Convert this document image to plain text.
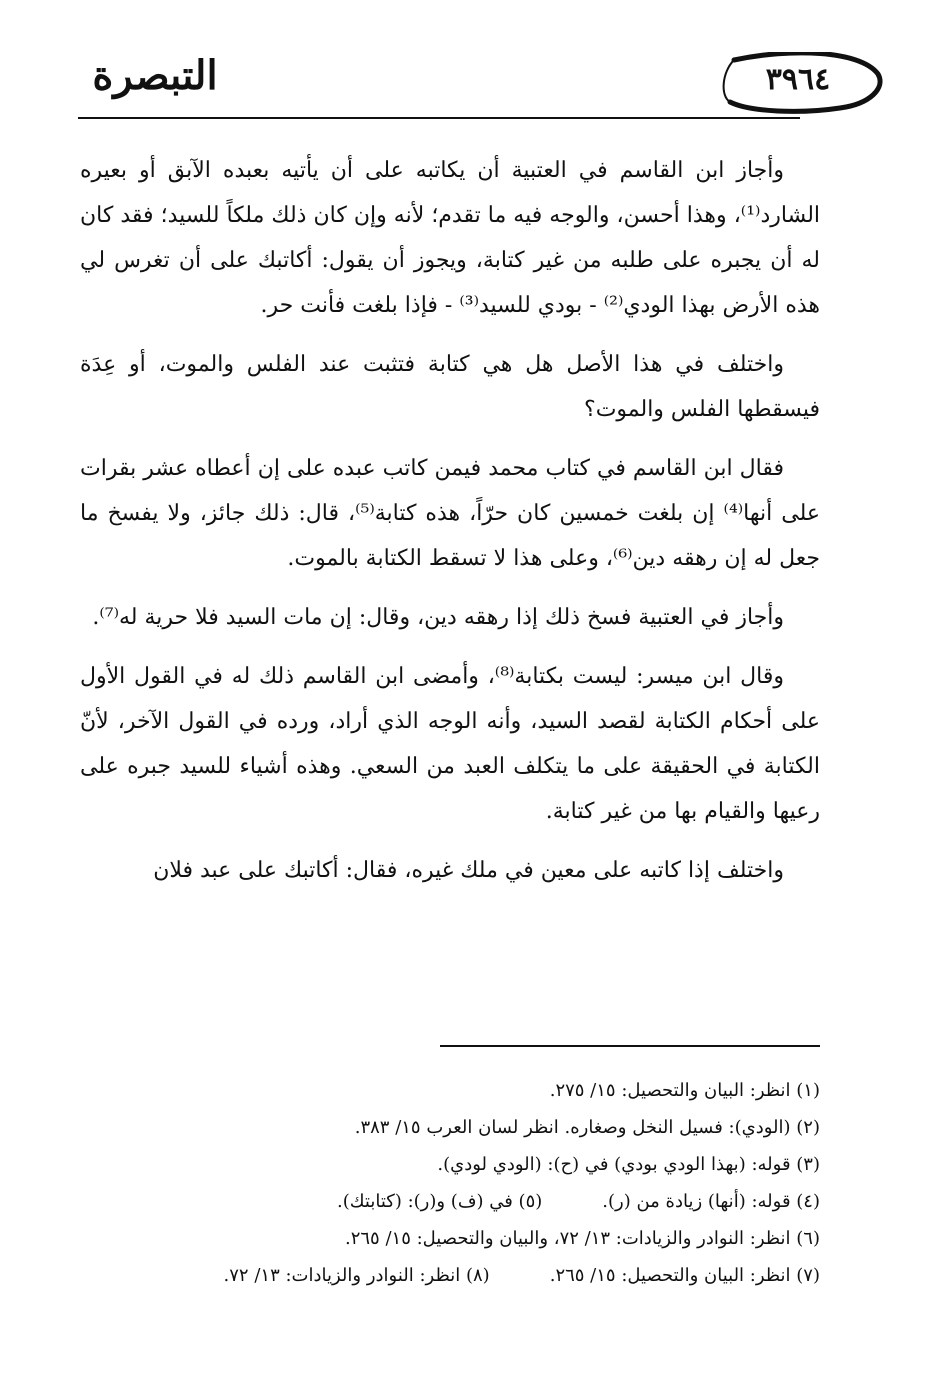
التبصرة	٣٩٦٤

وأجاز ابن القاسم في العتبية أن يكاتبه على أن يأتيه بعبده الآبق أو بعيره الشارد⁽¹⁾، وهذا أحسن، والوجه فيه ما تقدم؛ لأنه وإن كان ذلك ملكاً للسيد؛ فقد كان له أن يجبره على طلبه من غير كتابة، ويجوز أن يقول: أكاتبك على أن تغرس لي هذه الأرض بهذا الودي⁽²⁾ - بودي للسيد⁽³⁾ - فإذا بلغت فأنت حر.

واختلف في هذا الأصل هل هي كتابة فتثبت عند الفلس والموت، أو عِدَة فيسقطها الفلس والموت؟

فقال ابن القاسم في كتاب محمد فيمن كاتب عبده على إن أعطاه عشر بقرات على أنها⁽⁴⁾ إن بلغت خمسين كان حرّاً، هذه كتابة⁽⁵⁾، قال: ذلك جائز، ولا يفسخ ما جعل له إن رهقه دين⁽⁶⁾، وعلى هذا لا تسقط الكتابة بالموت.

وأجاز في العتبية فسخ ذلك إذا رهقه دين، وقال: إن مات السيد فلا حرية له⁽⁷⁾.

وقال ابن ميسر: ليست بكتابة⁽⁸⁾، وأمضى ابن القاسم ذلك له في القول الأول على أحكام الكتابة لقصد السيد، وأنه الوجه الذي أراد، ورده في القول الآخر، لأنّ الكتابة في الحقيقة على ما يتكلف العبد من السعي. وهذه أشياء للسيد جبره على رعيها والقيام بها من غير كتابة.

واختلف إذا كاتبه على معين في ملك غيره، فقال: أكاتبك على عبد فلان

(١) انظر: البيان والتحصيل: ١٥/ ٢٧٥.

(٢) (الودي): فسيل النخل وصغاره. انظر لسان العرب ١٥/ ٣٨٣.

(٣) قوله: (بهذا الودي بودي) في (ح): (الودي لودي).

(٤) قوله: (أنها) زيادة من (ر).
(٥) في (ف) و(ر): (كتابتك).

(٦) انظر: النوادر والزيادات: ١٣/ ٧٢، والبيان والتحصيل: ١٥/ ٢٦٥.

(٧) انظر: البيان والتحصيل: ١٥/ ٢٦٥.
(٨) انظر: النوادر والزيادات: ١٣/ ٧٢.
